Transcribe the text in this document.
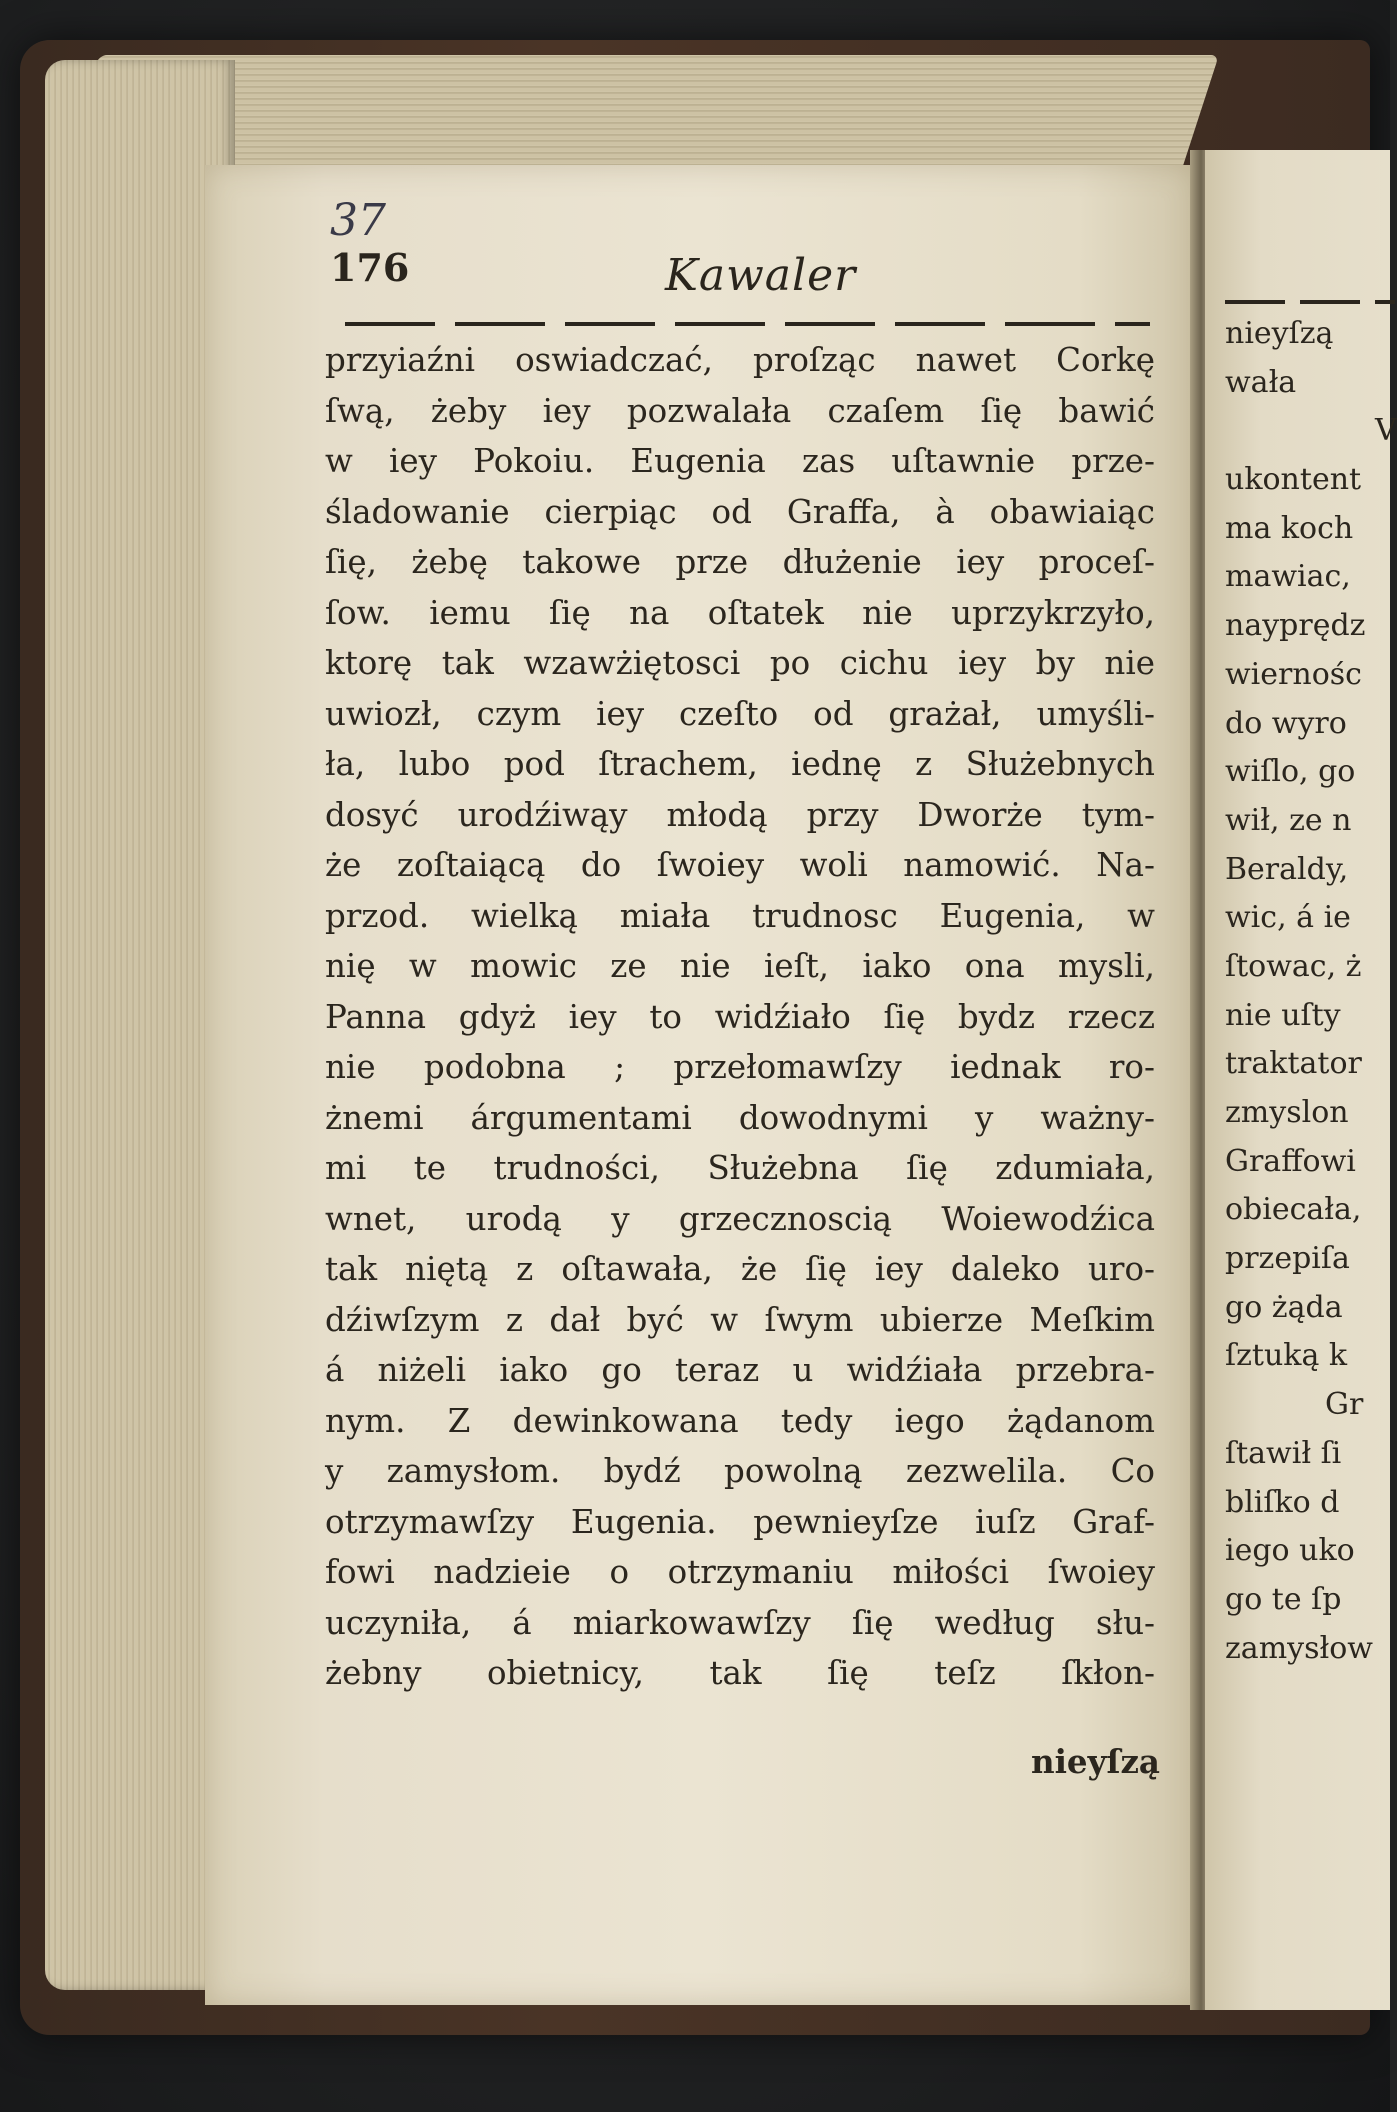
37
176	Kawaler
przyiaźni oswiadczać, proſząc nawet Corkę
ſwą, żeby iey pozwalała czaſem ſię bawić
w iey Pokoiu. Eugenia zas uſtawnie prze-
śladowanie cierpiąc od Graffa, à obawiaiąc
ſię, żebę takowe prze dłużenie iey proceſ-
ſow. iemu ſię na oſtatek nie uprzykrzyło,
ktorę tak wzawżiętosci po cichu iey by nie
uwiozł, czym iey czeſto od grażał, umyśli-
ła, lubo pod ſtrachem, iednę z Służebnych
dosyć urodźiwąy młodą przy Dworże tym-
że zoſtaiącą do ſwoiey woli namowić. Na-
przod. wielką miała trudnosc Eugenia, w
nię w mowic ze nie ieſt, iako ona mysli,
Panna gdyż iey to widźiało ſię bydz rzecz
nie podobna ; przełomawſzy iednak ro-
żnemi árgumentami dowodnymi y ważny-
mi te trudności, Służebna ſię zdumiała,
wnet, urodą y grzecznoscią Woiewodźica
tak niętą z oſtawała, że ſię iey daleko uro-
dźiwſzym z dał być w ſwym ubierze Meſkim
á niżeli iako go teraz u widźiała przebra-
nym. Z dewinkowana tedy iego żądanom
y zamysłom. bydź powolną zezwelila. Co
otrzymawſzy Eugenia. pewnieyſze iuſz Graf-
fowi nadzieie o otrzymaniu miłości ſwoiey
uczyniła, á miarkowawſzy ſię według słu-
żebny obietnicy, tak ſię teſz ſkłon-
nieyſzą
nieyſzą
wała
V
ukontent
ma koch
mawiac,
nayprędz
wiernośc
do wyro
wiſlo, go
wił, ze n
Beraldy,
wic, á ie
ſtowac, ż
nie uſty
traktator
zmyslon
Graffowi
obiecała,
przepiſa
go żąda
ſztuką k
Gr
ſtawił ſi
bliſko d
iego uko
go te ſp
zamysłow
